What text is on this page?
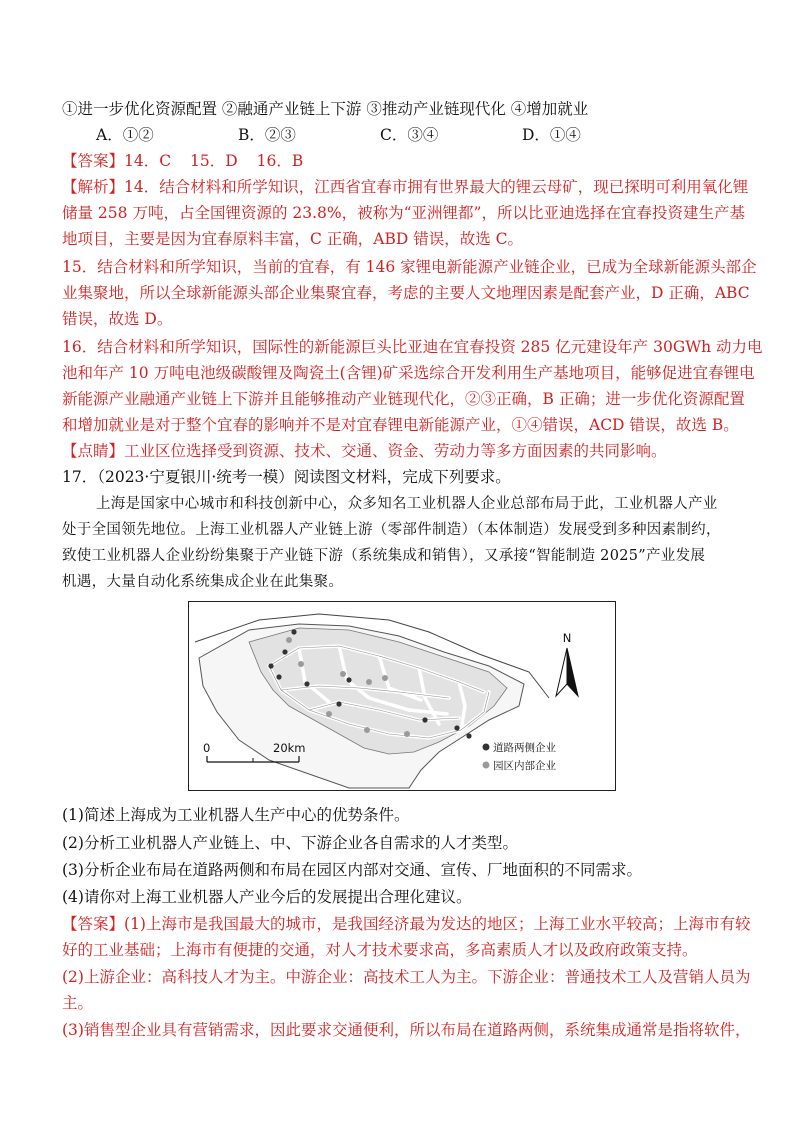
①进一步优化资源配置 ②融通产业链上下游 ③推动产业链现代化 ④增加就业
A．①②	B．②③	C．③④	D．①④
【答案】14．C 15．D 16．B
【解析】14．结合材料和所学知识，江西省宜春市拥有世界最大的锂云母矿，现已探明可利用氧化锂
储量 258 万吨，占全国锂资源的 23.8%，被称为“亚洲锂都”，所以比亚迪选择在宜春投资建生产基
地项目，主要是因为宜春原料丰富，C 正确，ABD 错误，故选 C。
15．结合材料和所学知识，当前的宜春，有 146 家锂电新能源产业链企业，已成为全球新能源头部企
业集聚地，所以全球新能源头部企业集聚宜春，考虑的主要人文地理因素是配套产业，D 正确，ABC
错误，故选 D。
16．结合材料和所学知识，国际性的新能源巨头比亚迪在宜春投资 285 亿元建设年产 30GWh 动力电
池和年产 10 万吨电池级碳酸锂及陶瓷土(含锂)矿采选综合开发利用生产基地项目，能够促进宜春锂电
新能源产业融通产业链上下游并且能够推动产业链现代化，②③正确，B 正确；进一步优化资源配置
和增加就业是对于整个宜春的影响并不是对宜春锂电新能源产业，①④错误，ACD 错误，故选 B。
【点睛】工业区位选择受到资源、技术、交通、资金、劳动力等多方面因素的共同影响。
17．（2023·宁夏银川·统考一模）阅读图文材料，完成下列要求。
上海是国家中心城市和科技创新中心，众多知名工业机器人企业总部布局于此，工业机器人产业
处于全国领先地位。上海工业机器人产业链上游（零部件制造）（本体制造）发展受到多种因素制约，
致使工业机器人企业纷纷集聚于产业链下游（系统集成和销售），又承接“智能制造 2025”产业发展
机遇，大量自动化系统集成企业在此集聚。
N
0	20km	道路两侧企业
园区内部企业
(1)简述上海成为工业机器人生产中心的优势条件。
(2)分析工业机器人产业链上、中、下游企业各自需求的人才类型。
(3)分析企业布局在道路两侧和布局在园区内部对交通、宣传、厂地面积的不同需求。
(4)请你对上海工业机器人产业今后的发展提出合理化建议。
【答案】(1)上海市是我国最大的城市，是我国经济最为发达的地区；上海工业水平较高；上海市有较
好的工业基础；上海市有便捷的交通，对人才技术要求高，多高素质人才以及政府政策支持。
(2)上游企业：高科技人才为主。中游企业：高技术工人为主。下游企业：普通技术工人及营销人员为
主。
(3)销售型企业具有营销需求，因此要求交通便利，所以布局在道路两侧，系统集成通常是指将软件，
